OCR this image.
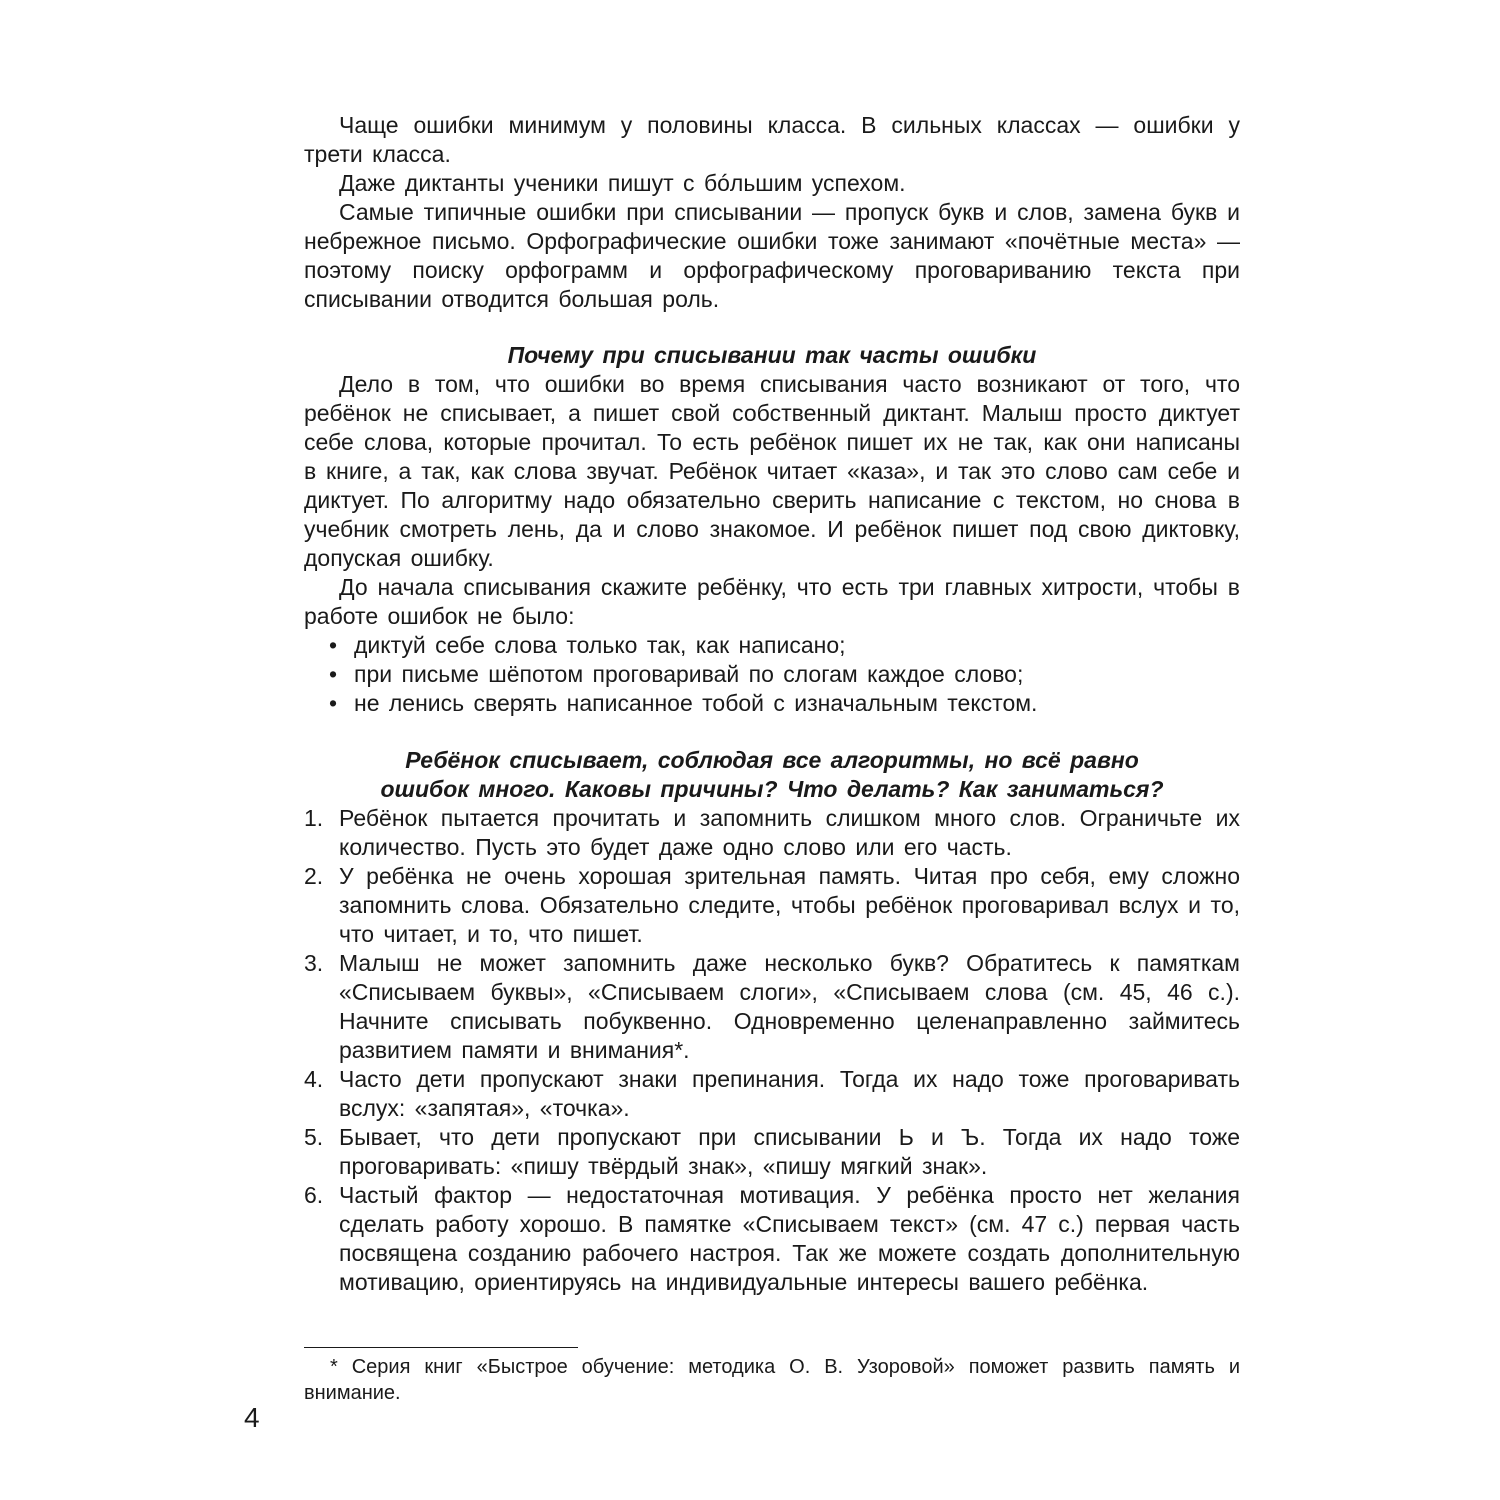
Чаще ошибки минимум у половины класса. В сильных классах — ошибки у трети класса.

Даже диктанты ученики пишут с бóльшим успехом.

Самые типичные ошибки при списывании — пропуск букв и слов, замена букв и небрежное письмо. Орфографические ошибки тоже занимают «почётные места» — поэтому поиску орфограмм и орфографическому проговариванию текста при списывании отводится большая роль.

Почему при списывании так часты ошибки

Дело в том, что ошибки во время списывания часто возникают от того, что ребёнок не списывает, а пишет свой собственный диктант. Малыш просто диктует себе слова, которые прочитал. То есть ребёнок пишет их не так, как они написаны в книге, а так, как слова звучат. Ребёнок читает «каза», и так это слово сам себе и диктует. По алгоритму надо обязательно сверить написание с текстом, но снова в учебник смотреть лень, да и слово знакомое. И ребёнок пишет под свою диктовку, допуская ошибку.

До начала списывания скажите ребёнку, что есть три главных хитрости, чтобы в работе ошибок не было:

• диктуй себе слова только так, как написано;
• при письме шёпотом проговаривай по слогам каждое слово;
• не ленись сверять написанное тобой с изначальным текстом.
Ребёнок списывает, соблюдая все алгоритмы, но всё равно
ошибок много. Каковы причины? Что делать? Как заниматься?
1. Ребёнок пытается прочитать и запомнить слишком много слов. Ограничьте их количество. Пусть это будет даже одно слово или его часть.
2. У ребёнка не очень хорошая зрительная память. Читая про себя, ему сложно запомнить слова. Обязательно следите, чтобы ребёнок проговаривал вслух и то, что читает, и то, что пишет.
3. Малыш не может запомнить даже несколько букв? Обратитесь к памяткам «Списываем буквы», «Списываем слоги», «Списываем слова (см. 45, 46 с.). Начните списывать побуквенно. Одновременно целенаправленно займитесь развитием памяти и внимания*.
4. Часто дети пропускают знаки препинания. Тогда их надо тоже проговаривать вслух: «запятая», «точка».
5. Бывает, что дети пропускают при списывании Ь и Ъ. Тогда их надо тоже проговаривать: «пишу твёрдый знак», «пишу мягкий знак».
6. Частый фактор — недостаточная мотивация. У ребёнка просто нет желания сделать работу хорошо. В памятке «Списываем текст» (см. 47 с.) первая часть посвящена созданию рабочего настроя. Так же можете создать дополнительную мотивацию, ориентируясь на индивидуальные интересы вашего ребёнка.
* Серия книг «Быстрое обучение: методика О. В. Узоровой» поможет развить память и внимание.
4
